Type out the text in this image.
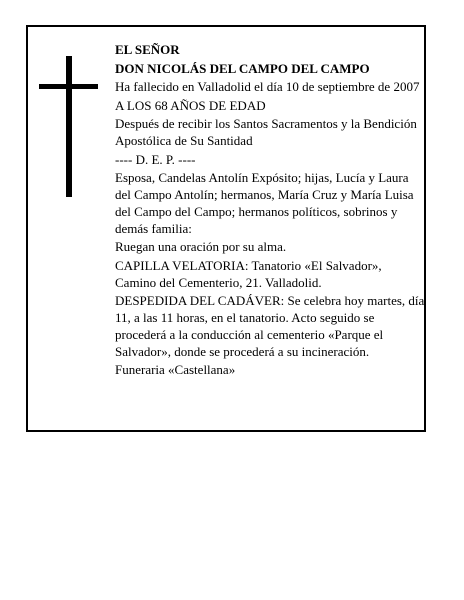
EL SEÑOR
DON NICOLÁS DEL CAMPO DEL CAMPO
Ha fallecido en Valladolid el día 10 de septiembre de 2007
A LOS 68 AÑOS DE EDAD
Después de recibir los Santos Sacramentos y la Bendición Apostólica de Su Santidad
---- D. E. P. ----
Esposa, Candelas Antolín Expósito; hijas, Lucía y Laura del Campo Antolín; hermanos, María Cruz y María Luisa del Campo del Campo; hermanos políticos, sobrinos y demás familia:
Ruegan una oración por su alma.
CAPILLA VELATORIA: Tanatorio «El Salvador», Camino del Cementerio, 21. Valladolid.
DESPEDIDA DEL CADÁVER: Se celebra hoy martes, día 11, a las 11 horas, en el tanatorio. Acto seguido se procederá a la conducción al cementerio «Parque el Salvador», donde se procederá a su incineración.
Funeraria «Castellana»
